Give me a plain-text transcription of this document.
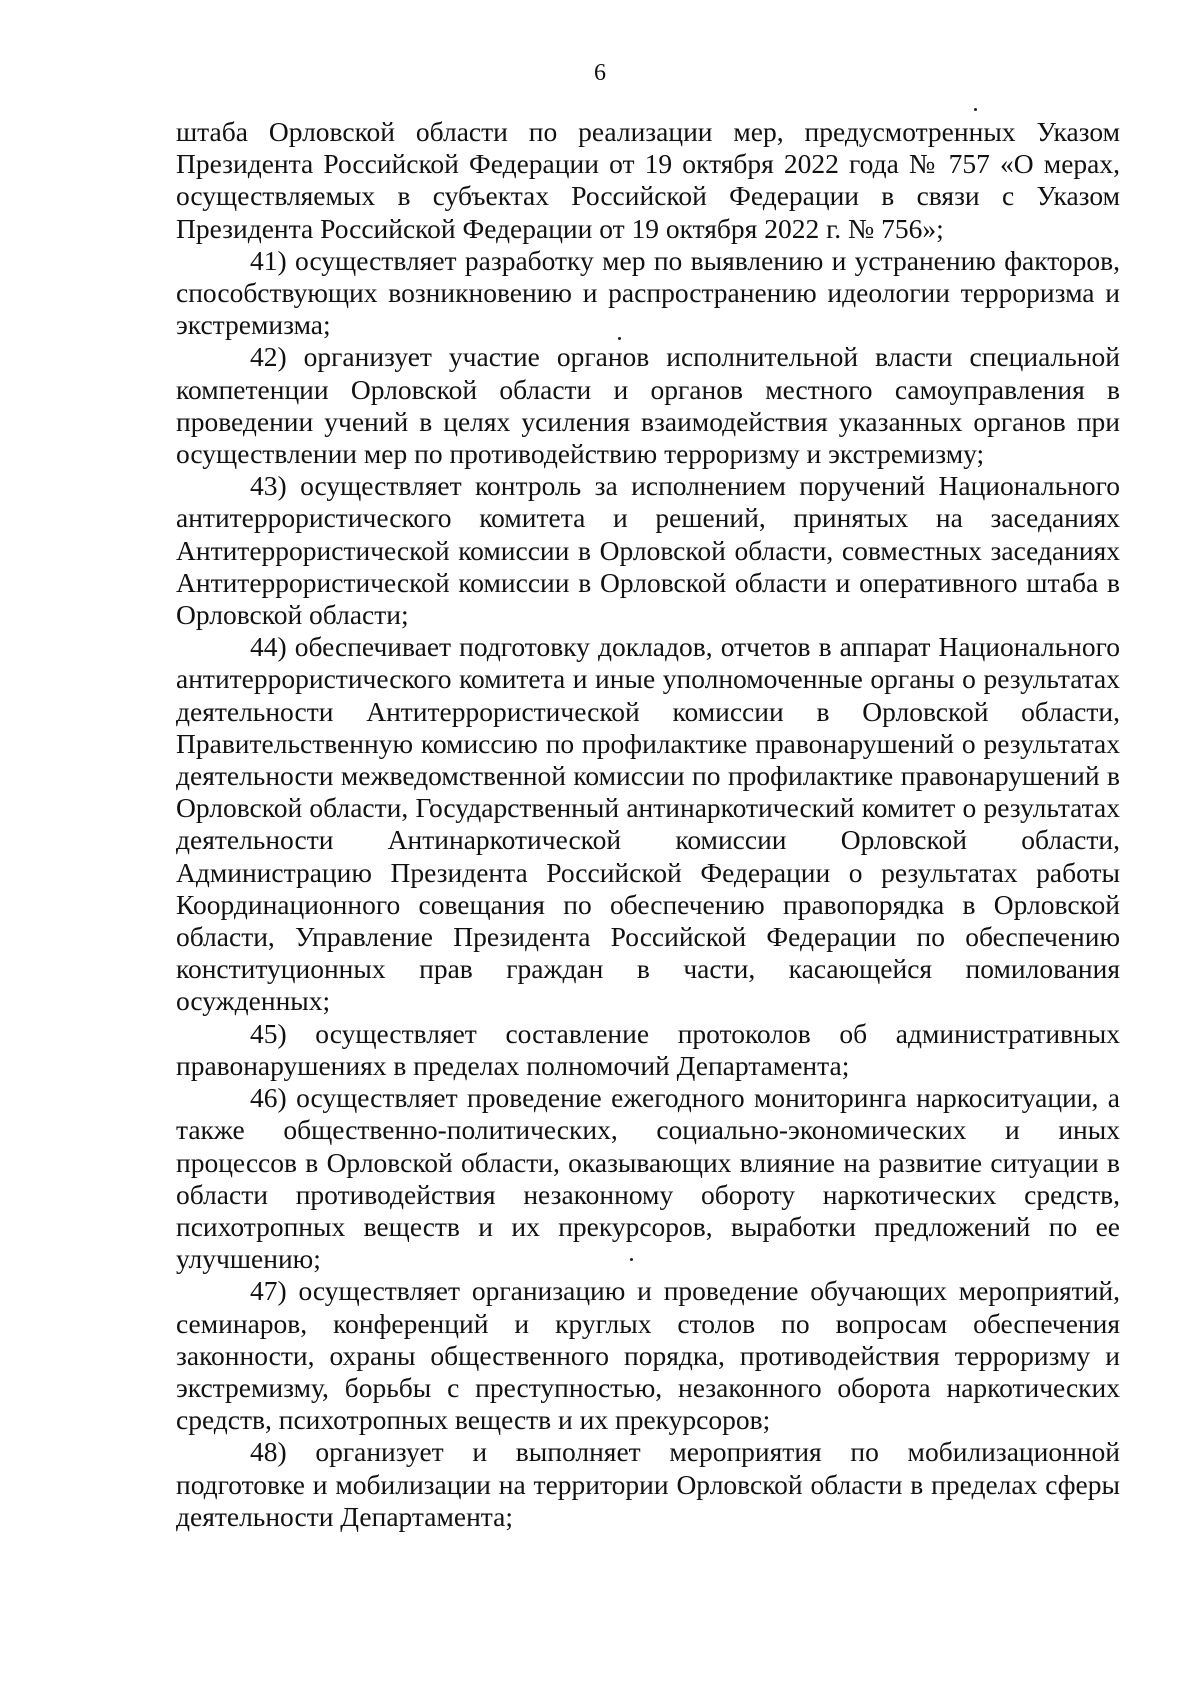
6

штаба Орловской области по реализации мер, предусмотренных Указом Президента Российской Федерации от 19 октября 2022 года № 757 «О мерах, осуществляемых в субъектах Российской Федерации в связи с Указом Президента Российской Федерации от 19 октября 2022 г. № 756»;

41) осуществляет разработку мер по выявлению и устранению факторов, способствующих возникновению и распространению идеологии терроризма и экстремизма;

42) организует участие органов исполнительной власти специальной компетенции Орловской области и органов местного самоуправления в проведении учений в целях усиления взаимодействия указанных органов при осуществлении мер по противодействию терроризму и экстремизму;

43) осуществляет контроль за исполнением поручений Национального антитеррористического комитета и решений, принятых на заседаниях Антитеррористической комиссии в Орловской области, совместных заседаниях Антитеррористической комиссии в Орловской области и оперативного штаба в Орловской области;

44) обеспечивает подготовку докладов, отчетов в аппарат Национального антитеррористического комитета и иные уполномоченные органы о результатах деятельности Антитеррористической комиссии в Орловской области, Правительственную комиссию по профилактике правонарушений о результатах деятельности межведомственной комиссии по профилактике правонарушений в Орловской области, Государственный антинаркотический комитет о результатах деятельности Антинаркотической комиссии Орловской области, Администрацию Президента Российской Федерации о результатах работы Координационного совещания по обеспечению правопорядка в Орловской области, Управление Президента Российской Федерации по обеспечению конституционных прав граждан в части, касающейся помилования осужденных;

45) осуществляет составление протоколов об административных правонарушениях в пределах полномочий Департамента;

46) осуществляет проведение ежегодного мониторинга наркоситуации, а также общественно-политических, социально-экономических и иных процессов в Орловской области, оказывающих влияние на развитие ситуации в области противодействия незаконному обороту наркотических средств, психотропных веществ и их прекурсоров, выработки предложений по ее улучшению;

47) осуществляет организацию и проведение обучающих мероприятий, семинаров, конференций и круглых столов по вопросам обеспечения законности, охраны общественного порядка, противодействия терроризму и экстремизму, борьбы с преступностью, незаконного оборота наркотических средств, психотропных веществ и их прекурсоров;

48) организует и выполняет мероприятия по мобилизационной подготовке и мобилизации на территории Орловской области в пределах сферы деятельности Департамента;
